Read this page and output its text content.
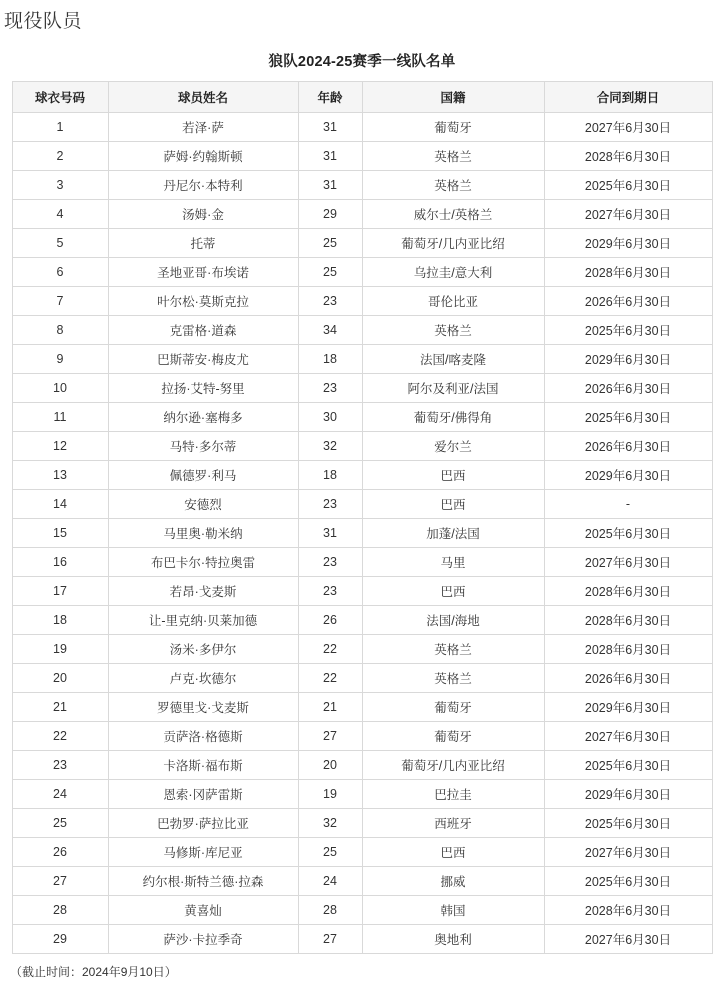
现役队员
狼队2024-25赛季一线队名单
球衣号码	球员姓名	年龄	国籍	合同到期日
1	若泽·萨	31	葡萄牙	2027年6月30日
2	萨姆·约翰斯顿	31	英格兰	2028年6月30日
3	丹尼尔·本特利	31	英格兰	2025年6月30日
4	汤姆·金	29	威尔士/英格兰	2027年6月30日
5	托蒂	25	葡萄牙/几内亚比绍	2029年6月30日
6	圣地亚哥·布埃诺	25	乌拉圭/意大利	2028年6月30日
7	叶尔松·莫斯克拉	23	哥伦比亚	2026年6月30日
8	克雷格·道森	34	英格兰	2025年6月30日
9	巴斯蒂安·梅皮尤	18	法国/喀麦隆	2029年6月30日
10	拉扬·艾特-努里	23	阿尔及利亚/法国	2026年6月30日
11	纳尔逊·塞梅多	30	葡萄牙/佛得角	2025年6月30日
12	马特·多尔蒂	32	爱尔兰	2026年6月30日
13	佩德罗·利马	18	巴西	2029年6月30日
14	安德烈	23	巴西	-
15	马里奥·勒米纳	31	加蓬/法国	2025年6月30日
16	布巴卡尔·特拉奥雷	23	马里	2027年6月30日
17	若昂·戈麦斯	23	巴西	2028年6月30日
18	让-里克纳·贝莱加德	26	法国/海地	2028年6月30日
19	汤米·多伊尔	22	英格兰	2028年6月30日
20	卢克·坎德尔	22	英格兰	2026年6月30日
21	罗德里戈·戈麦斯	21	葡萄牙	2029年6月30日
22	贡萨洛·格德斯	27	葡萄牙	2027年6月30日
23	卡洛斯·福布斯	20	葡萄牙/几内亚比绍	2025年6月30日
24	恩索·冈萨雷斯	19	巴拉圭	2029年6月30日
25	巴勃罗·萨拉比亚	32	西班牙	2025年6月30日
26	马修斯·库尼亚	25	巴西	2027年6月30日
27	约尔根·斯特兰德·拉森	24	挪威	2025年6月30日
28	黄喜灿	28	韩国	2028年6月30日
29	萨沙·卡拉季奇	27	奥地利	2027年6月30日
（截止时间：2024年9月10日）
